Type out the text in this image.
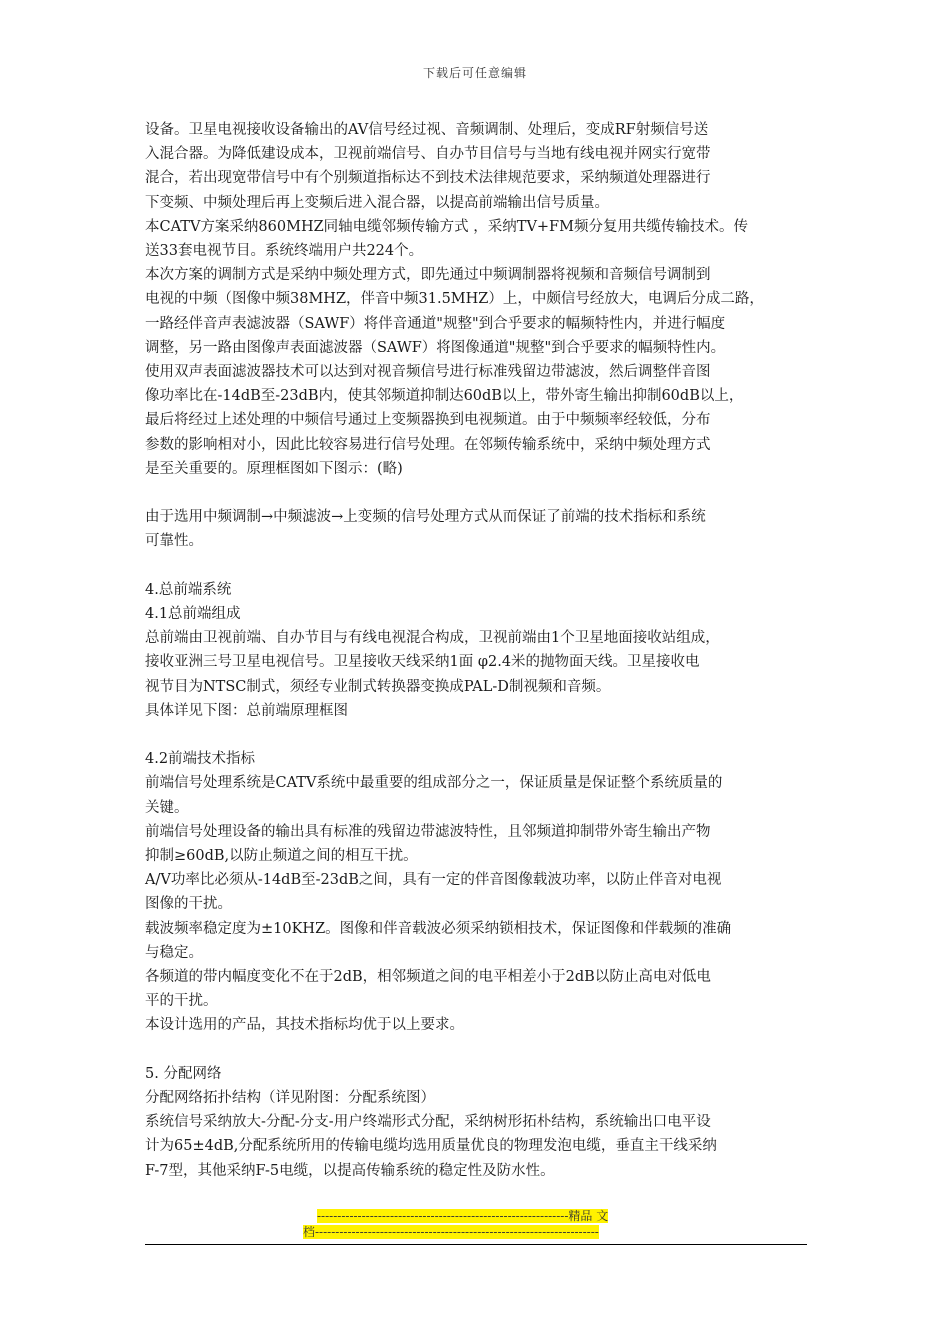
下载后可任意编辑

设备。卫星电视接收设备输出的AV信号经过视、音频调制、处理后，变成RF射频信号送

入混合器。为降低建设成本，卫视前端信号、自办节目信号与当地有线电视并网实行宽带

混合，若出现宽带信号中有个别频道指标达不到技术法律规范要求，采纳频道处理器进行

下变频、中频处理后再上变频后进入混合器，以提高前端输出信号质量。

本CATV方案采纳860MHZ同轴电缆邻频传输方式 ，采纳TV+FM频分复用共缆传输技术。传

送33套电视节目。系统终端用户共224个。

本次方案的调制方式是采纳中频处理方式，即先通过中频调制器将视频和音频信号调制到

电视的中频（图像中频38MHZ，伴音中频31.5MHZ）上，中颇信号经放大，电调后分成二路，

一路经伴音声表滤波器（SAWF）将伴音通道"规整"到合乎要求的幅频特性内，并进行幅度

调整，另一路由图像声表面滤波器（SAWF）将图像通道"规整"到合乎要求的幅频特性内。

使用双声表面滤波器技术可以达到对视音频信号进行标准残留边带滤波，然后调整伴音图

像功率比在-14dB至-23dB内，使其邻频道抑制达60dB以上，带外寄生输出抑制60dB以上，

最后将经过上述处理的中频信号通过上变频器换到电视频道。由于中频频率经较低，分布

参数的影响相对小，因此比较容易进行信号处理。在邻频传输系统中，采纳中频处理方式

是至关重要的。原理框图如下图示：(略)

由于选用中频调制→中频滤波→上变频的信号处理方式从而保证了前端的技术指标和系统

可靠性。

4.总前端系统

4.1总前端组成

总前端由卫视前端、自办节目与有线电视混合构成，卫视前端由1个卫星地面接收站组成，

接收亚洲三号卫星电视信号。卫星接收天线采纳1面 φ2.4米的抛物面天线。卫星接收电

视节目为NTSC制式，须经专业制式转换器变换成PAL-D制视频和音频。

具体详见下图：总前端原理框图

4.2前端技术指标

前端信号处理系统是CATV系统中最重要的组成部分之一，保证质量是保证整个系统质量的

关键。

前端信号处理设备的输出具有标准的残留边带滤波特性，且邻频道抑制带外寄生输出产物

抑制≥60dB,以防止频道之间的相互干扰。

A/V功率比必须从-14dB至-23dB之间，具有一定的伴音图像载波功率，以防止伴音对电视

图像的干扰。

载波频率稳定度为±10KHZ。图像和伴音载波必须采纳锁相技术，保证图像和伴载频的准确

与稳定。

各频道的带内幅度变化不在于2dB，相邻频道之间的电平相差小于2dB以防止高电对低电

平的干扰。

本设计选用的产品，其技术指标均优于以上要求。

5. 分配网络

分配网络拓扑结构（详见附图：分配系统图）

系统信号采纳放大-分配-分支-用户终端形式分配，采纳树形拓朴结构，系统输出口电平设

计为65±4dB,分配系统所用的传输电缆均选用质量优良的物理发泡电缆，垂直主干线采纳

F-7型，其他采纳F-5电缆，以提高传输系统的稳定性及防水性。

--------------------------------------------------------------精品 文
档----------------------------------------------------------------------
